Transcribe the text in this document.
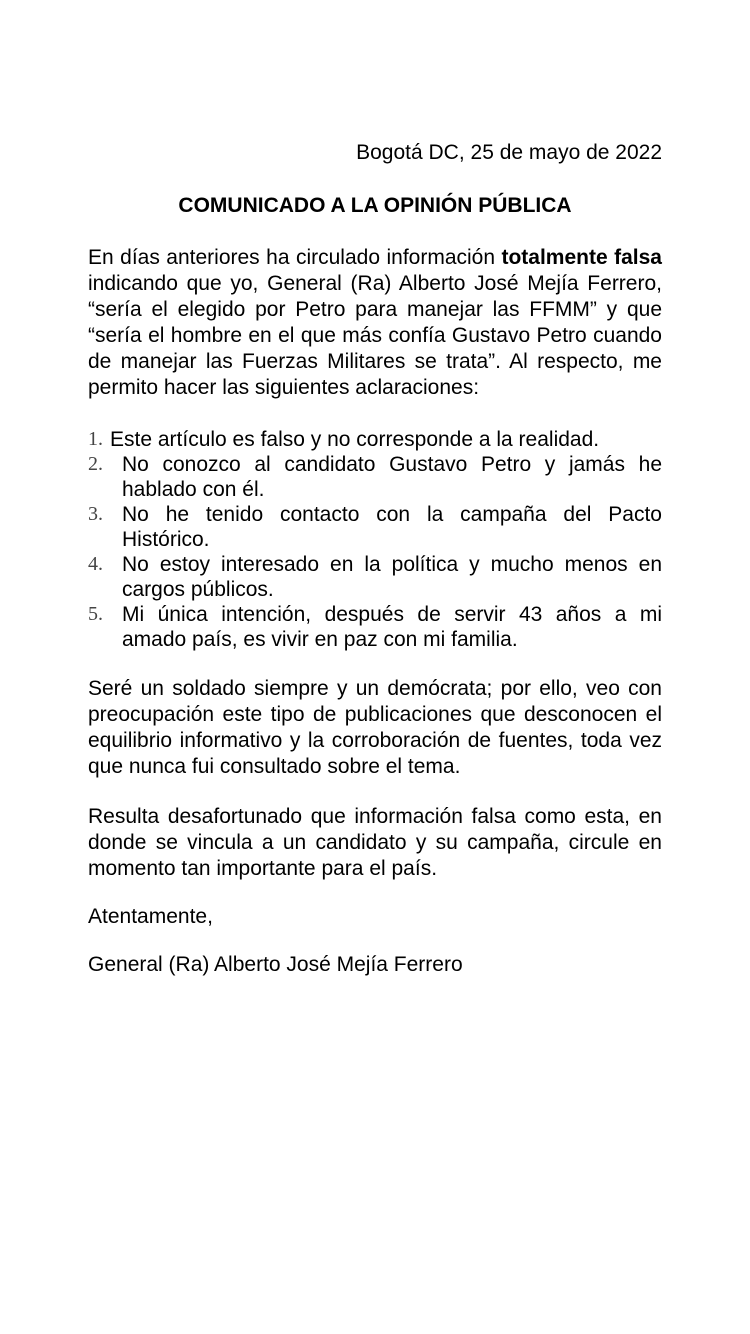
Bogotá DC, 25 de mayo de 2022
COMUNICADO A LA OPINIÓN PÚBLICA

En días anteriores ha circulado información totalmente falsa indicando que yo, General (Ra) Alberto José Mejía Ferrero, “sería el elegido por Petro para manejar las FFMM” y que “sería el hombre en el que más confía Gustavo Petro cuando de manejar las Fuerzas Militares se trata”. Al respecto, me permito hacer las siguientes aclaraciones:

1. Este artículo es falso y no corresponde a la realidad.
2. No conozco al candidato Gustavo Petro y jamás he hablado con él.
3. No he tenido contacto con la campaña del Pacto Histórico.
4. No estoy interesado en la política y mucho menos en cargos públicos.
5. Mi única intención, después de servir 43 años a mi amado país, es vivir en paz con mi familia.

Seré un soldado siempre y un demócrata; por ello, veo con preocupación este tipo de publicaciones que desconocen el equilibrio informativo y la corroboración de fuentes, toda vez que nunca fui consultado sobre el tema.

Resulta desafortunado que información falsa como esta, en donde se vincula a un candidato y su campaña, circule en momento tan importante para el país.

Atentamente,
General (Ra) Alberto José Mejía Ferrero
